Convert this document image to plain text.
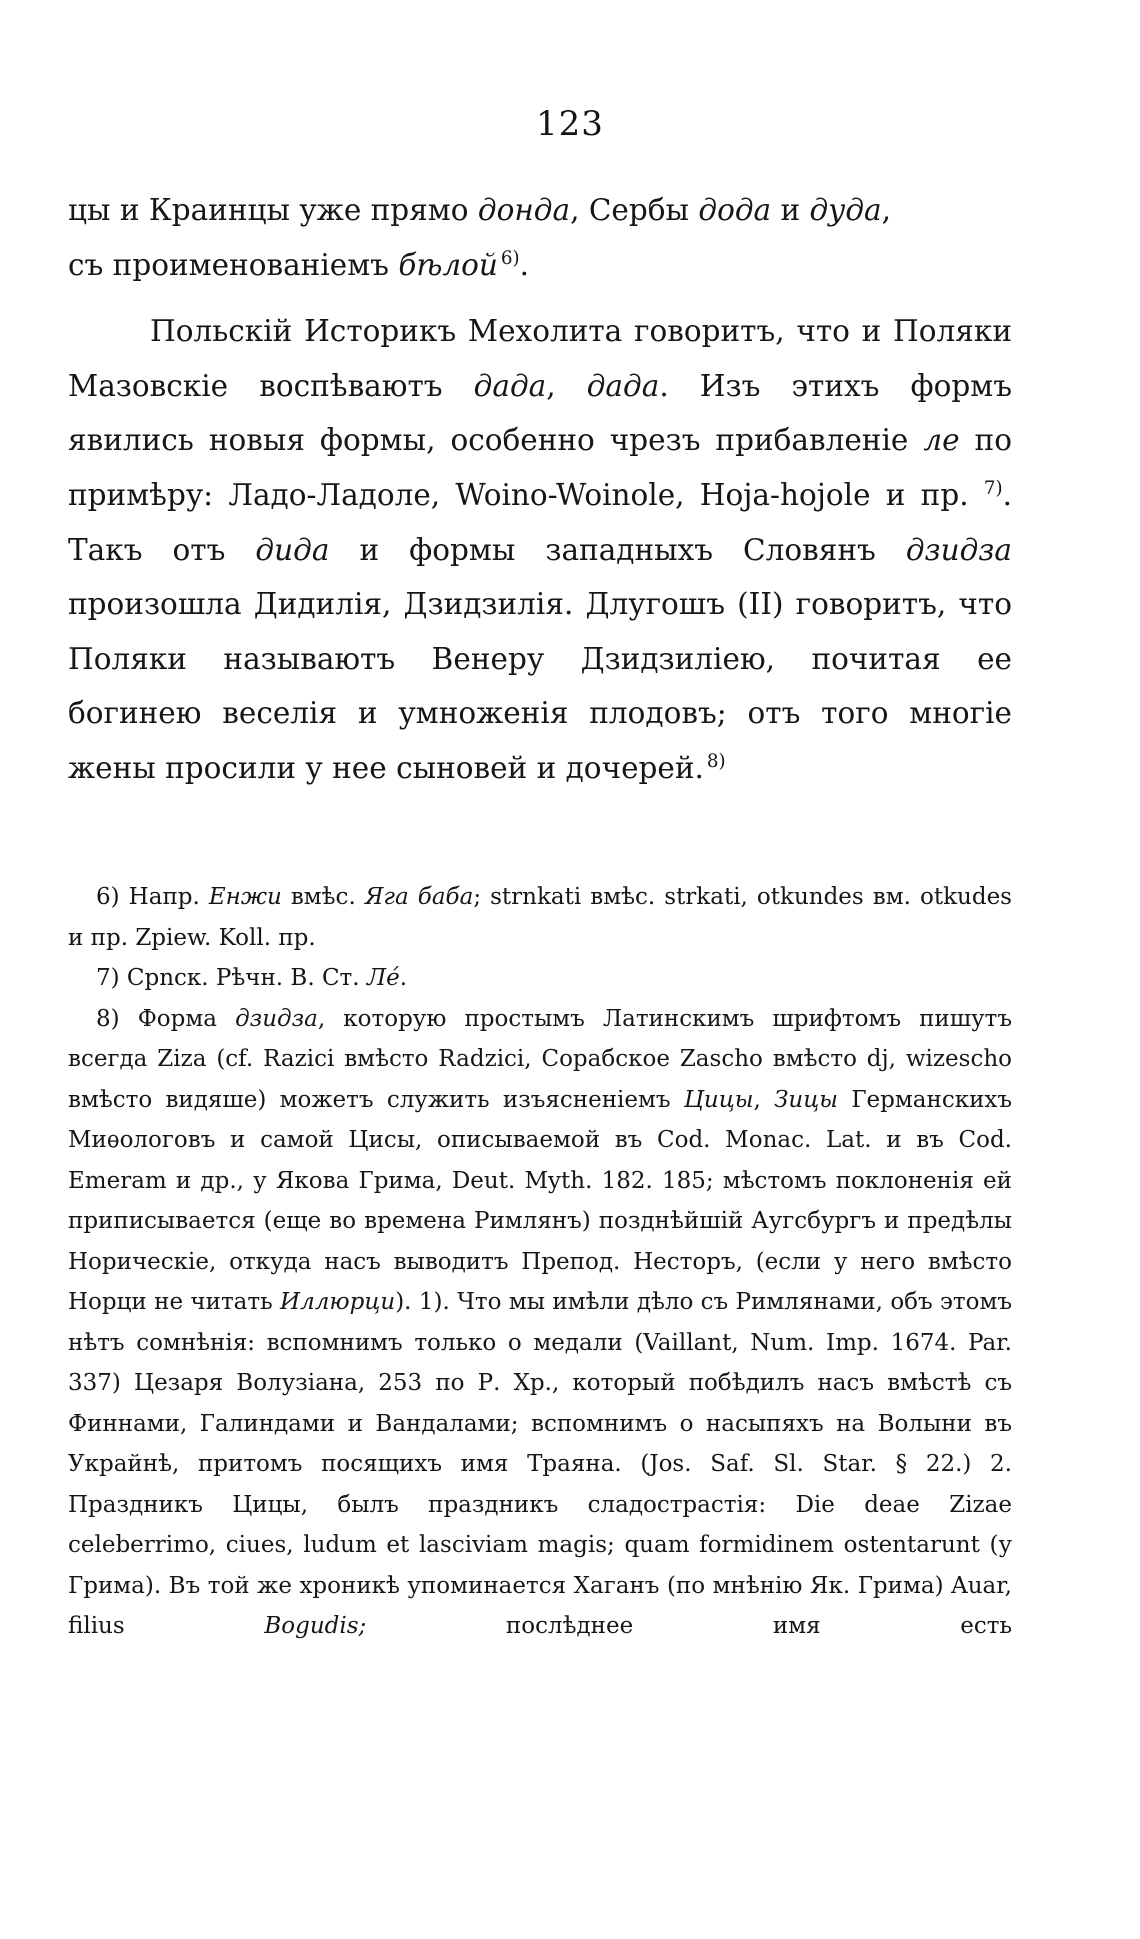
123

цы и Краинцы уже прямо донда, Сербы дода и дуда,
съ проименованіемъ бѣлой  $^{6)}$.

Польскій Историкъ Мехолита говоритъ, что и Поляки Мазовскіе воспѣваютъ дада, дада. Изъ этихъ формъ явились новыя формы, особенно чрезъ прибавленіе ле по примѣру: Ладо-Ладоле, Woino-Woinole, Hoja-hojole и пр. $^{7)}$. Такъ отъ дида и формы западныхъ Словянъ дзидза произошла Дидилія, Дзидзилія. Длугошъ (II) говоритъ, что Поляки называютъ Венеру Дзидзиліею, почитая ее богинею веселія и умноженія плодовъ; отъ того многіе жены просили у нее сыновей и дочерей.  $^{8)}$

6) Напр. Енжи вмѣс. Яга баба; strnkati вмѣс. strkati, otkundes вм. otkudes и пр. Zpiew. Koll. пр.

7) Срnск. Рѣчн. В. Ст. Лé.

8) Форма дзидза, которую простымъ Латинскимъ шрифтомъ пишутъ всегда Ziza (cf. Razici вмѣсто Radzici, Сорабское Zascho вмѣсто dj, wizescho вмѣсто видяше) можетъ служить изъясненіемъ Цицы, Зицы Германскихъ Миѳологовъ и самой Цисы, описываемой въ Cod. Monac. Lat. и въ Cod. Emeram и др., у Якова Грима, Deut. Myth. 182. 185; мѣстомъ поклоненія ей приписывается (еще во времена Римлянъ) позднѣйшій Аугсбургъ и предѣлы Норическіе, откуда насъ выводитъ Препод. Несторъ, (если у него вмѣсто Норци не читать Иллюрци). 1). Что мы имѣли дѣло съ Римлянами, объ этомъ нѣтъ сомнѣнія: вспомнимъ только о медали (Vaillant, Num. Imp. 1674. Par. 337) Цезаря Волузіана, 253 по Р. Хр., который побѣдилъ насъ вмѣстѣ съ Финнами, Галиндами и Вандалами; вспомнимъ о насыпяхъ на Волыни въ Украйнѣ, притомъ посящихъ имя Траяна. (Jos. Saf. Sl. Star. § 22.) 2. Праздникъ Цицы, былъ праздникъ сладострастія: Die deae Zizae celeberrimo, ciues, ludum et lasciviam magis; quam formidinem ostentarunt (у Грима). Въ той же хроникѣ упоминается Хаганъ (по мнѣнію Як. Грима) Auar, filius Bogudis; послѣднее имя есть
